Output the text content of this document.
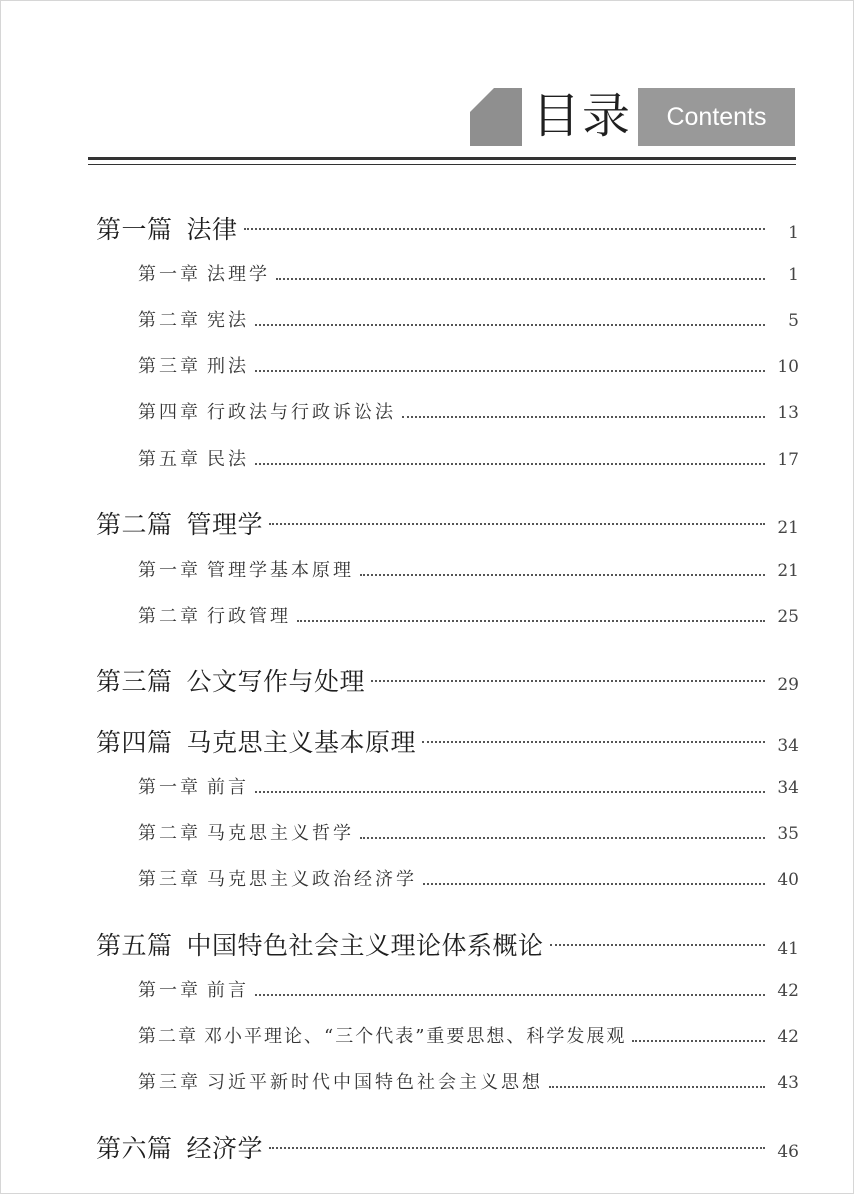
目录	Contents
第一篇 法律	1
第一章 法理学	1
第二章 宪法	5
第三章 刑法	10
第四章 行政法与行政诉讼法	13
第五章 民法	17
第二篇 管理学	21
第一章 管理学基本原理	21
第二章 行政管理	25
第三篇 公文写作与处理	29
第四篇 马克思主义基本原理	34
第一章 前言	34
第二章 马克思主义哲学	35
第三章 马克思主义政治经济学	40
第五篇 中国特色社会主义理论体系概论	41
第一章 前言	42
第二章 邓小平理论、“三个代表”重要思想、科学发展观	42
第三章 习近平新时代中国特色社会主义思想	43
第六篇 经济学	46
